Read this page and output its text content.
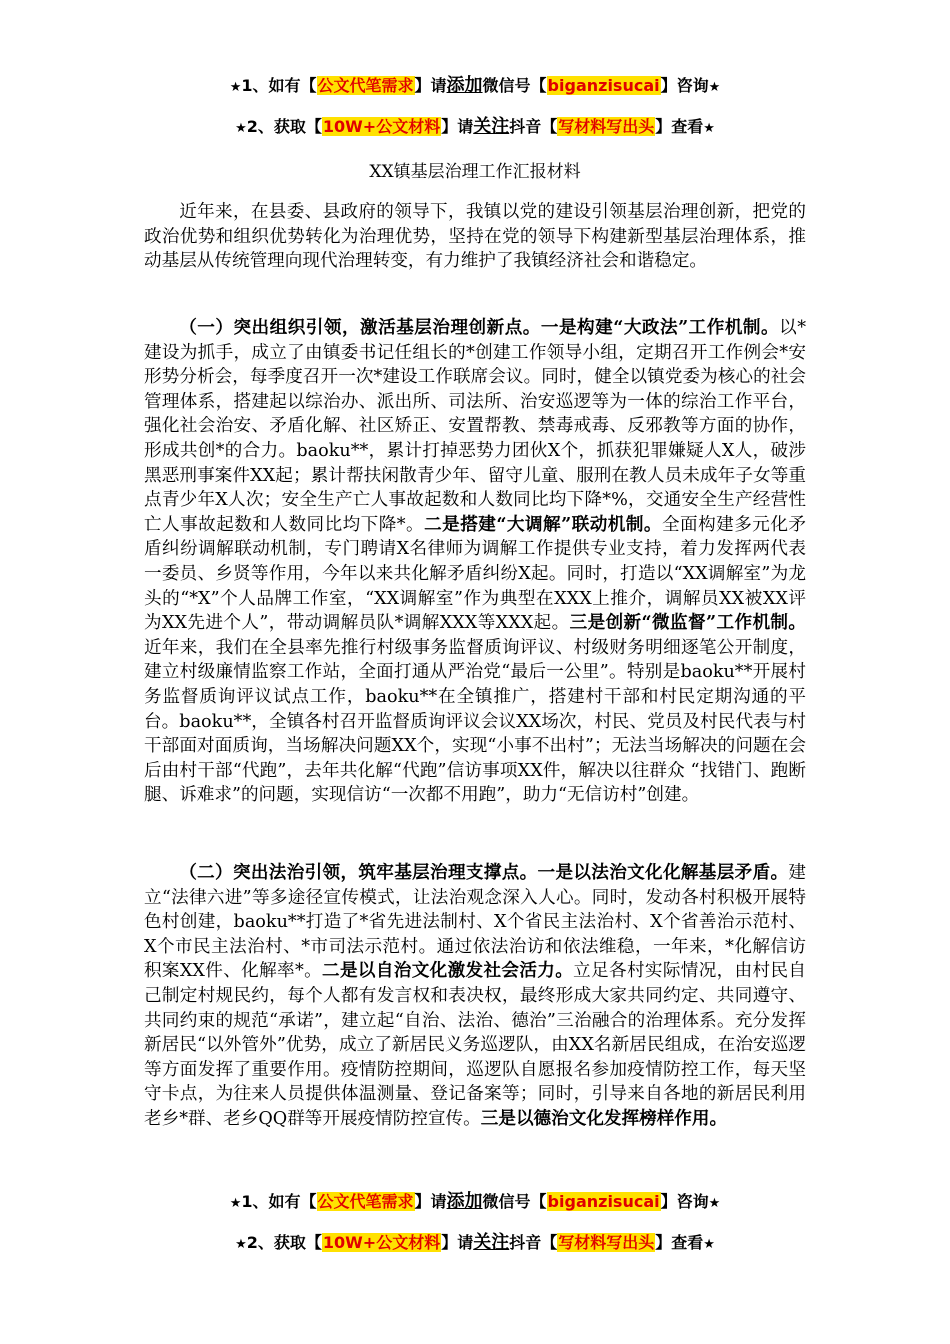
★1、如有【公文代笔需求】请添加微信号【biganzisucai】咨询★
★2、获取【10W+公文材料】请关注抖音【写材料写出头】查看★
XX镇基层治理工作汇报材料

近年来，在县委、县政府的领导下，我镇以党的建设引领基层治理创新，把党的政治优势和组织优势转化为治理优势，坚持在党的领导下构建新型基层治理体系，推动基层从传统管理向现代治理转变，有力维护了我镇经济社会和谐稳定。

（一）突出组织引领，激活基层治理创新点。一是构建“大政法”工作机制。以*建设为抓手，成立了由镇委书记任组长的*创建工作领导小组，定期召开工作例会*安形势分析会，每季度召开一次*建设工作联席会议。同时，健全以镇党委为核心的社会管理体系，搭建起以综治办、派出所、司法所、治安巡逻等为一体的综治工作平台，强化社会治安、矛盾化解、社区矫正、安置帮教、禁毒戒毒、反邪教等方面的协作，形成共创*的合力。baoku**，累计打掉恶势力团伙X个，抓获犯罪嫌疑人X人，破涉黑恶刑事案件XX起；累计帮扶闲散青少年、留守儿童、服刑在教人员未成年子女等重点青少年X人次；安全生产亡人事故起数和人数同比均下降*%，交通安全生产经营性亡人事故起数和人数同比均下降*。二是搭建“大调解”联动机制。全面构建多元化矛盾纠纷调解联动机制，专门聘请X名律师为调解工作提供专业支持，着力发挥两代表一委员、乡贤等作用，今年以来共化解矛盾纠纷X起。同时，打造以“XX调解室”为龙头的“*X”个人品牌工作室，“XX调解室”作为典型在XXX上推介，调解员XX被XX评为XX先进个人”，带动调解员队*调解XXX等XXX起。三是创新“微监督”工作机制。近年来，我们在全县率先推行村级事务监督质询评议、村级财务明细逐笔公开制度，建立村级廉情监察工作站，全面打通从严治党“最后一公里”。特别是baoku**开展村务监督质询评议试点工作，baoku**在全镇推广，搭建村干部和村民定期沟通的平台。baoku**，全镇各村召开监督质询评议会议XX场次，村民、党员及村民代表与村干部面对面质询，当场解决问题XX个，实现“小事不出村”；无法当场解决的问题在会后由村干部“代跑”，去年共化解“代跑”信访事项XX件，解决以往群众 “找错门、跑断腿、诉难求”的问题，实现信访“一次都不用跑”，助力“无信访村”创建。

（二）突出法治引领，筑牢基层治理支撑点。一是以法治文化化解基层矛盾。建立“法律六进”等多途径宣传模式，让法治观念深入人心。同时，发动各村积极开展特色村创建，baoku**打造了*省先进法制村、X个省民主法治村、X个省善治示范村、X个市民主法治村、*市司法示范村。通过依法治访和依法维稳，一年来，*化解信访积案XX件、化解率*。二是以自治文化激发社会活力。立足各村实际情况，由村民自己制定村规民约，每个人都有发言权和表决权，最终形成大家共同约定、共同遵守、共同约束的规范“承诺”，建立起“自治、法治、德治”三治融合的治理体系。充分发挥新居民“以外管外”优势，成立了新居民义务巡逻队，由XX名新居民组成，在治安巡逻等方面发挥了重要作用。疫情防控期间，巡逻队自愿报名参加疫情防控工作，每天坚守卡点，为往来人员提供体温测量、登记备案等；同时，引导来自各地的新居民利用老乡*群、老乡QQ群等开展疫情防控宣传。三是以德治文化发挥榜样作用。

★1、如有【公文代笔需求】请添加微信号【biganzisucai】咨询★
★2、获取【10W+公文材料】请关注抖音【写材料写出头】查看★
